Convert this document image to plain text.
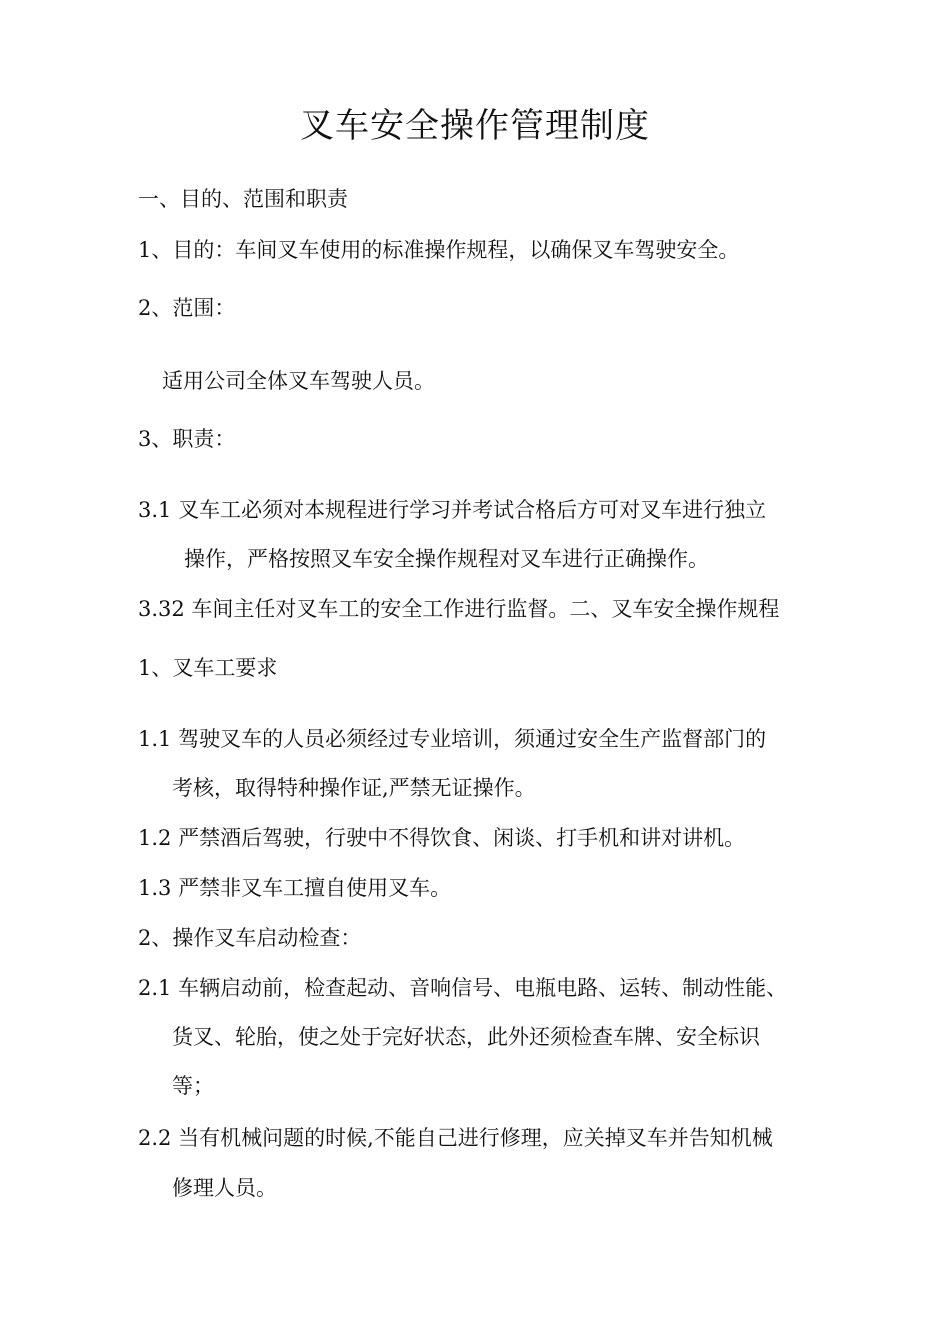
叉车安全操作管理制度
一、目的、范围和职责
1、目的：车间叉车使用的标准操作规程，以确保叉车驾驶安全。
2、范围：
适用公司全体叉车驾驶人员。
3、职责：
3.1 叉车工必须对本规程进行学习并考试合格后方可对叉车进行独立
操作，严格按照叉车安全操作规程对叉车进行正确操作。
3.32 车间主任对叉车工的安全工作进行监督。二、叉车安全操作规程
1、叉车工要求
1.1 驾驶叉车的人员必须经过专业培训，须通过安全生产监督部门的
考核，取得特种操作证,严禁无证操作。
1.2 严禁酒后驾驶，行驶中不得饮食、闲谈、打手机和讲对讲机。
1.3 严禁非叉车工擅自使用叉车。
2、操作叉车启动检查：
2.1 车辆启动前，检查起动、音响信号、电瓶电路、运转、制动性能、
货叉、轮胎，使之处于完好状态，此外还须检查车牌、安全标识
等；
2.2 当有机械问题的时候,不能自己进行修理，应关掉叉车并告知机械
修理人员。
